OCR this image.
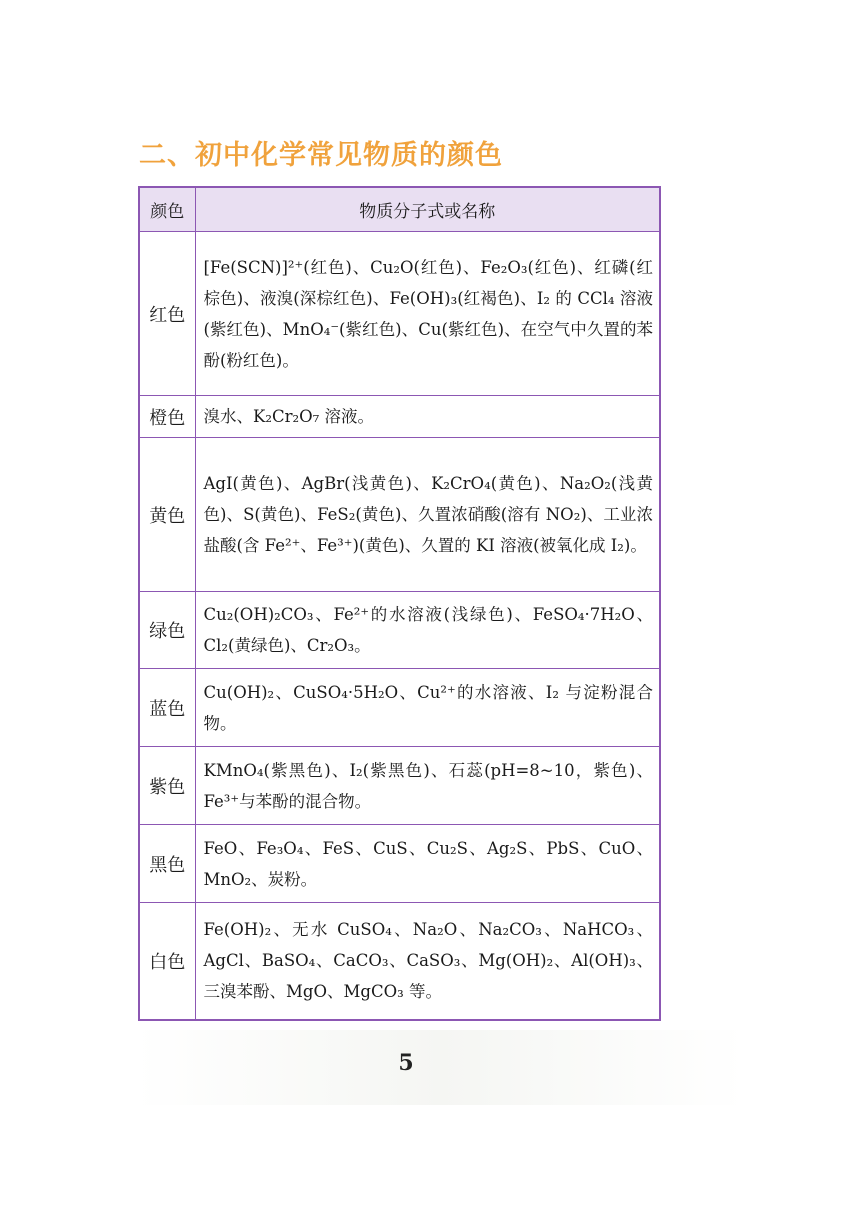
二、初中化学常见物质的颜色
颜色	物质分子式或名称
红色	[Fe(SCN)]²⁺(红色)、Cu₂O(红色)、Fe₂O₃(红色)、红磷(红棕色)、液溴(深棕红色)、Fe(OH)₃(红褐色)、I₂ 的 CCl₄ 溶液(紫红色)、MnO₄⁻(紫红色)、Cu(紫红色)、在空气中久置的苯酚(粉红色)。
橙色	溴水、K₂Cr₂O₇ 溶液。
黄色	AgI(黄色)、AgBr(浅黄色)、K₂CrO₄(黄色)、Na₂O₂(浅黄色)、S(黄色)、FeS₂(黄色)、久置浓硝酸(溶有 NO₂)、工业浓盐酸(含 Fe²⁺、Fe³⁺)(黄色)、久置的 KI 溶液(被氧化成 I₂)。
绿色	Cu₂(OH)₂CO₃、Fe²⁺的水溶液(浅绿色)、FeSO₄·7H₂O、Cl₂(黄绿色)、Cr₂O₃。
蓝色	Cu(OH)₂、CuSO₄·5H₂O、Cu²⁺的水溶液、I₂ 与淀粉混合物。
紫色	KMnO₄(紫黑色)、I₂(紫黑色)、石蕊(pH=8~10，紫色)、Fe³⁺与苯酚的混合物。
黑色	FeO、Fe₃O₄、FeS、CuS、Cu₂S、Ag₂S、PbS、CuO、MnO₂、炭粉。
白色	Fe(OH)₂、无水 CuSO₄、Na₂O、Na₂CO₃、NaHCO₃、AgCl、BaSO₄、CaCO₃、CaSO₃、Mg(OH)₂、Al(OH)₃、三溴苯酚、MgO、MgCO₃ 等。
5
